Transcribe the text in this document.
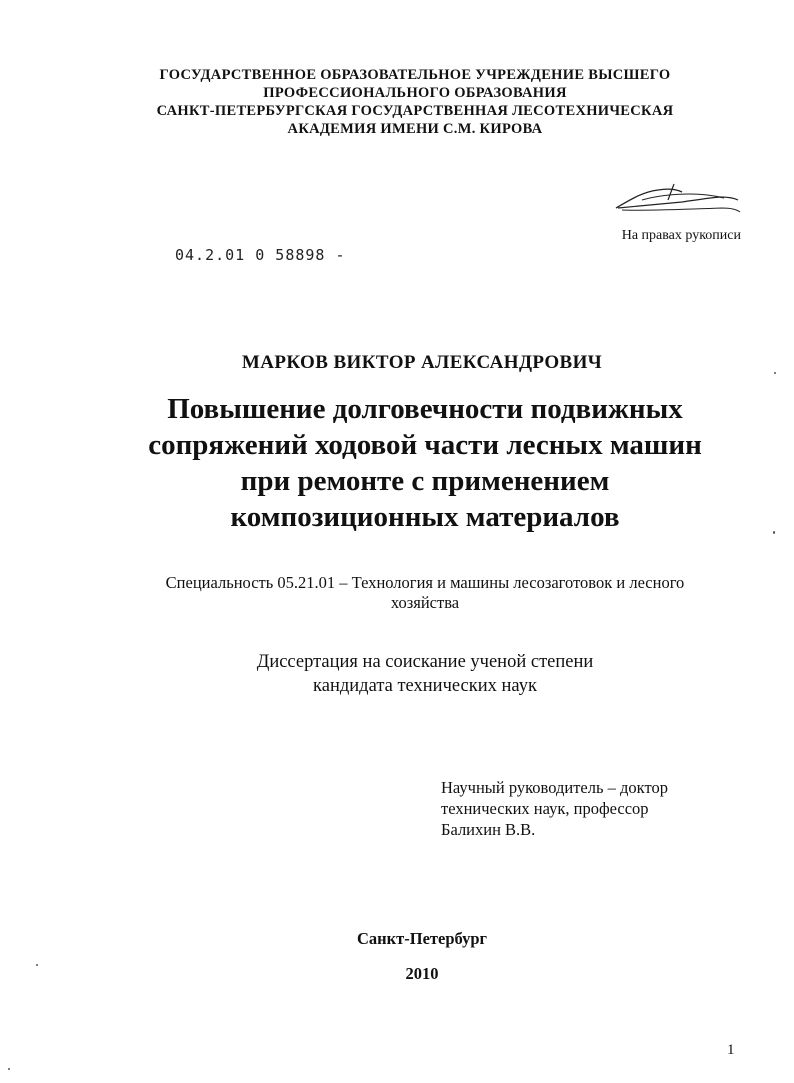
ГОСУДАРСТВЕННОЕ ОБРАЗОВАТЕЛЬНОЕ УЧРЕЖДЕНИЕ ВЫСШЕГО
ПРОФЕССИОНАЛЬНОГО ОБРАЗОВАНИЯ
САНКТ-ПЕТЕРБУРГСКАЯ ГОСУДАРСТВЕННАЯ ЛЕСОТЕХНИЧЕСКАЯ
АКАДЕМИЯ ИМЕНИ С.М. КИРОВА
На правах рукописи
04.2.01 0 58898 -
МАРКОВ ВИКТОР АЛЕКСАНДРОВИЧ
Повышение долговечности подвижных
сопряжений ходовой части лесных машин
при ремонте с применением
композиционных материалов
Специальность 05.21.01 – Технология и машины лесозаготовок и лесного
хозяйства
Диссертация на соискание ученой степени
кандидата технических наук
Научный руководитель – доктор
технических наук, профессор
Балихин В.В.
Санкт-Петербург
2010
1
